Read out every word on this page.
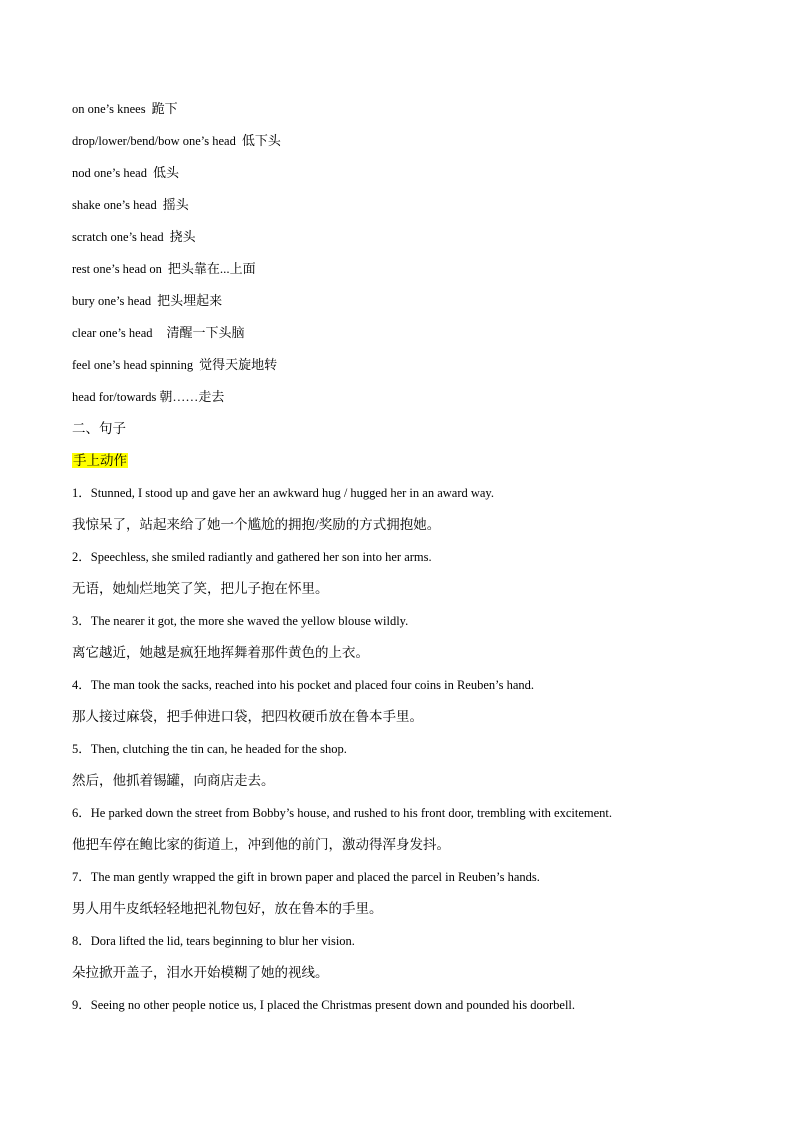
on one’s knees 跪下
drop/lower/bend/bow one’s head 低下头
nod one’s head 低头
shake one’s head 摇头
scratch one’s head 挠头
rest one’s head on 把头靠在...上面
bury one’s head 把头埋起来
clear one’s head 清醒一下头脑
feel one’s head spinning 觉得天旋地转
head for/towards 朝……走去
二、句子
手上动作
1．Stunned, I stood up and gave her an awkward hug / hugged her in an award way.
我惊呆了，站起来给了她一个尴尬的拥抱/奖励的方式拥抱她。
2．Speechless, she smiled radiantly and gathered her son into her arms.
无语，她灿烂地笑了笑，把儿子抱在怀里。
3．The nearer it got, the more she waved the yellow blouse wildly.
离它越近，她越是疯狂地挥舞着那件黄色的上衣。
4．The man took the sacks, reached into his pocket and placed four coins in Reuben’s hand.
那人接过麻袋，把手伸进口袋，把四枚硬币放在鲁本手里。
5．Then, clutching the tin can, he headed for the shop.
然后，他抓着锡罐，向商店走去。
6．He parked down the street from Bobby’s house, and rushed to his front door, trembling with excitement.
他把车停在鲍比家的街道上，冲到他的前门，激动得浑身发抖。
7．The man gently wrapped the gift in brown paper and placed the parcel in Reuben’s hands.
男人用牛皮纸轻轻地把礼物包好，放在鲁本的手里。
8．Dora lifted the lid, tears beginning to blur her vision.
朵拉掀开盖子，泪水开始模糊了她的视线。
9．Seeing no other people notice us, I placed the Christmas present down and pounded his doorbell.
